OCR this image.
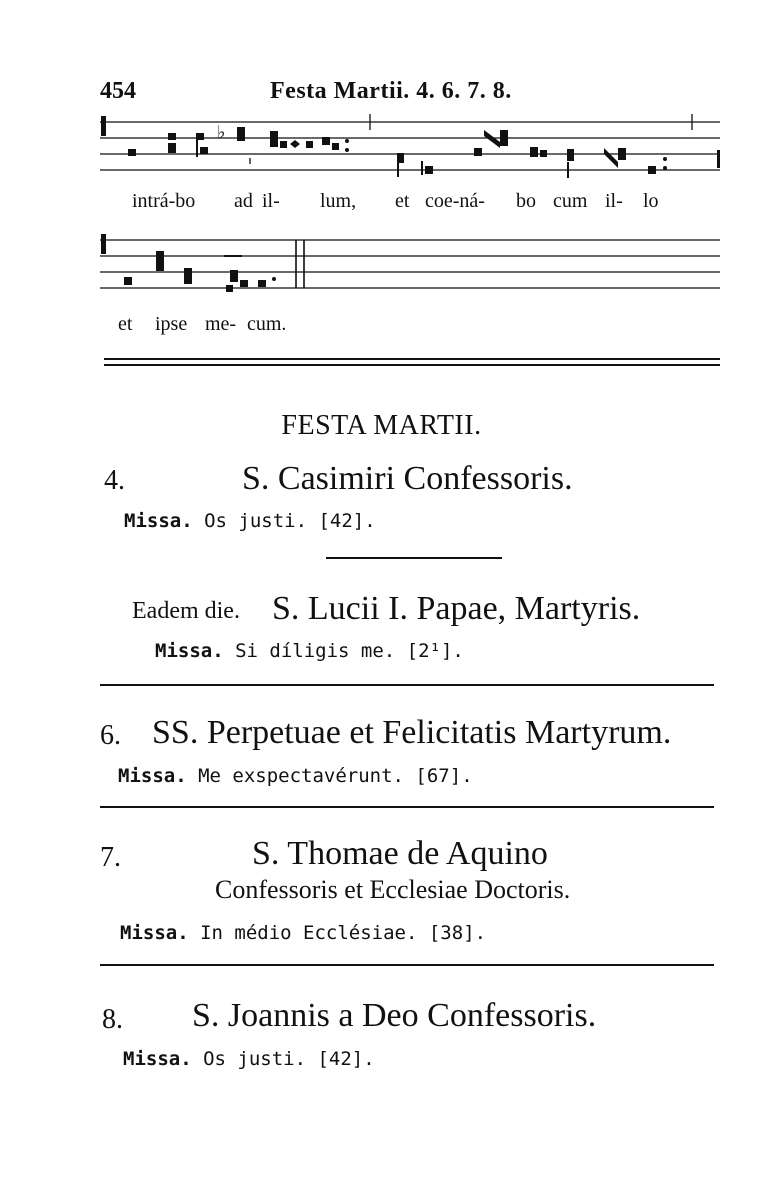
454	Festa Martii. 4. 6. 7. 8.
♭
intrá-bo ad il- lum, et coe-ná- bo cum il- lo
et ipse me- cum.
FESTA MARTII.
4.	S. Casimiri Confessoris.
Missa. Os justi. [42].
Eadem die. S. Lucii I. Papae, Martyris.
Missa. Si díligis me. [2¹].
6. SS. Perpetuae et Felicitatis Martyrum.
Missa. Me exspectavérunt. [67].
7.	S. Thomae de Aquino
Confessoris et Ecclesiae Doctoris.
Missa. In médio Ecclésiae. [38].
8. S. Joannis a Deo Confessoris.
Missa. Os justi. [42].
